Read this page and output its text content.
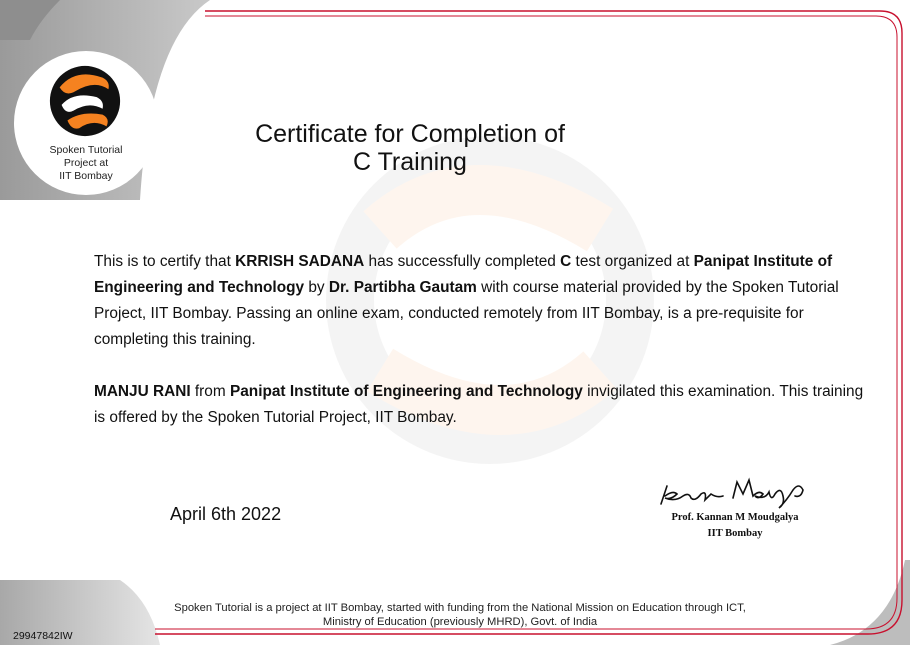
Spoken Tutorial
Project at
IIT Bombay
Certificate for Completion of
C Training
This is to certify that KRRISH SADANA has successfully completed C test organized at Panipat Institute of Engineering and Technology by Dr. Partibha Gautam with course material provided by the Spoken Tutorial Project, IIT Bombay. Passing an online exam, conducted remotely from IIT Bombay, is a pre-requisite for completing this training.
MANJU RANI from Panipat Institute of Engineering and Technology invigilated this examination. This training is offered by the Spoken Tutorial Project, IIT Bombay.
April 6th 2022	Prof. Kannan M Moudgalya
IIT Bombay
Spoken Tutorial is a project at IIT Bombay, started with funding from the National Mission on Education through ICT,
Ministry of Education (previously MHRD), Govt. of India
29947842IW
